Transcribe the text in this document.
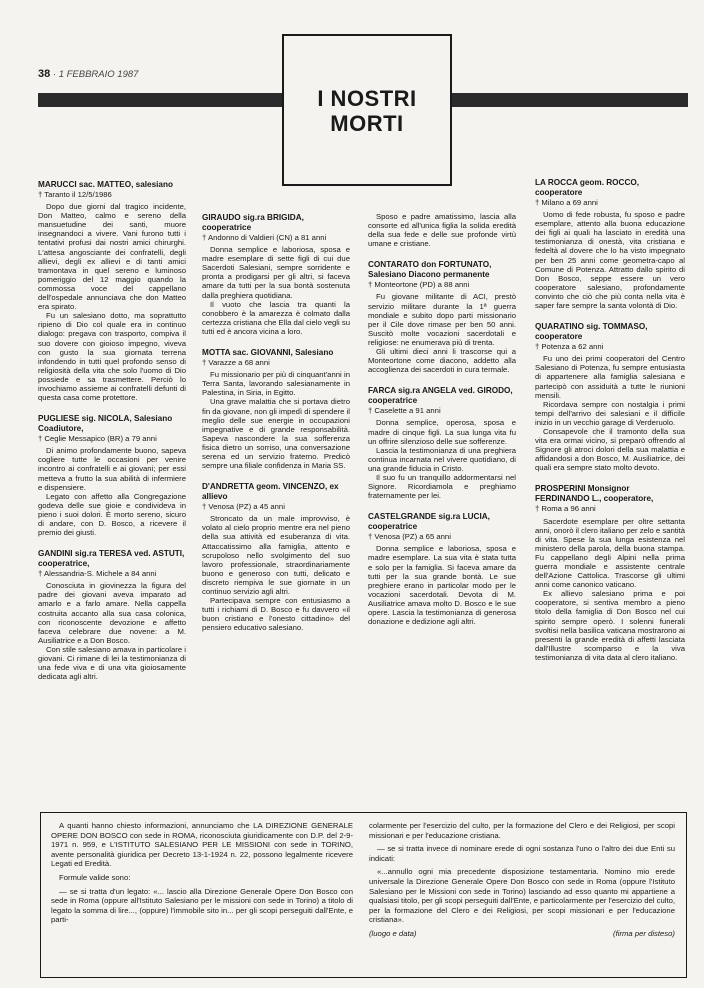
38 · 1 FEBBRAIO 1987
I NOSTRI
MORTI
MARUCCI sac. MATTEO, salesiano
† Taranto il 12/5/1986

Dopo due giorni dal tragico incidente, Don Matteo, calmo e sereno della mansuetudine dei santi, muore insegnandoci a vivere. Vani furono tutti i tentativi profusi dai nostri amici chirurghi. L'attesa angosciante dei confratelli, degli allievi, degli ex allievi e di tanti amici tramontava in quel sereno e luminoso pomeriggio del 12 maggio quando la commossa voce del cappellano dell'ospedale annunciava che don Matteo era spirato.

Fu un salesiano dotto, ma soprattutto ripieno di Dio col quale era in continuo dialogo: pregava con trasporto, compiva il suo dovere con gioioso impegno, viveva con gusto la sua giornata terrena infondendo in tutti quel profondo senso di religiosità della vita che solo l'uomo di Dio possiede e sa trasmettere. Perciò lo invochiamo assieme ai confratelli defunti di questa casa come protettore.

PUGLIESE sig. NICOLA, Salesiano Coadiutore,
† Ceglie Messapico (BR) a 79 anni

Di animo profondamente buono, sapeva cogliere tutte le occasioni per venire incontro ai confratelli e ai giovani; per essi metteva a frutto la sua abilità di infermiere e dispensiere.

Legato con affetto alla Congregazione godeva delle sue gioie e condivideva in pieno i suoi dolori. È morto sereno, sicuro di andare, con D. Bosco, a ricevere il premio dei giusti.

GANDINI sig.ra TERESA ved. ASTUTI, cooperatrice,
† Alessandria-S. Michele a 84 anni

Conosciuta in giovinezza la figura del padre dei giovani aveva imparato ad amarlo e a farlo amare. Nella cappella costruita accanto alla sua casa colonica, con riconoscente devozione e affetto faceva celebrare due novene: a M. Ausiliatrice e a Don Bosco.

Con stile salesiano amava in particolare i giovani. Ci rimane di lei la testimonianza di una fede viva e di una vita gioiosamente dedicata agli altri.

GIRAUDO sig.ra BRIGIDA, cooperatrice
† Andonno di Valdieri (CN) a 81 anni

Donna semplice e laboriosa, sposa e madre esemplare di sette figli di cui due Sacerdoti Salesiani, sempre sorridente e pronta a prodigarsi per gli altri, si faceva amare da tutti per la sua bontà sostenuta dalla preghiera quotidiana.

Il vuoto che lascia tra quanti la conobbero è la amarezza è colmato dalla certezza cristiana che Ella dal cielo vegli su tutti ed è ancora vicina a loro.

MOTTA sac. GIOVANNI, Salesiano
† Varazze a 68 anni

Fu missionario per più di cinquant'anni in Terra Santa, lavorando salesianamente in Palestina, in Siria, in Egitto.

Una grave malattia che si portava dietro fin da giovane, non gli impedì di spendere il meglio delle sue energie in occupazioni impegnative e di grande responsabilità. Sapeva nascondere la sua sofferenza fisica dietro un sorriso, una conversazione serena ed un servizio fraterno. Predicò sempre una filiale confidenza in Maria SS.

D'ANDRETTA geom. VINCENZO, ex allievo
† Venosa (PZ) a 45 anni

Stroncato da un male improvviso, è volato al cielo proprio mentre era nel pieno della sua attività ed esuberanza di vita. Attaccatissimo alla famiglia, attento e scrupoloso nello svolgimento del suo lavoro professionale, straordinariamente buono e generoso con tutti, delicato e discreto riempiva le sue giornate in un continuo servizio agli altri.

Partecipava sempre con entusiasmo a tutti i richiami di D. Bosco e fu davvero «il buon cristiano e l'onesto cittadino» del pensiero educativo salesiano.

Sposo e padre amatissimo, lascia alla consorte ed all'unica figlia la solida eredità della sua fede e delle sue profonde virtù umane e cristiane.

CONTARATO don FORTUNATO, Salesiano Diacono permanente
† Monteortone (PD) a 88 anni

Fu giovane militante di ACI, prestò servizio militare durante la 1ª guerra mondiale e subito dopo parti missionario per il Cile dove rimase per ben 50 anni. Suscitò molte vocazioni sacerdotali e religiose: ne enumerava più di trenta.

Gli ultimi dieci anni li trascorse qui a Monteortone come diacono, addetto alla accoglienza dei sacerdoti in cura termale.

FARCA sig.ra ANGELA ved. GIRODO, cooperatrice
† Caselette a 91 anni

Donna semplice, operosa, sposa e madre di cinque figli. La sua lunga vita fu un offrire silenzioso delle sue sofferenze.

Lascia la testimonianza di una preghiera continua incarnata nel vivere quotidiano, di una grande fiducia in Cristo.

Il suo fu un tranquillo addormentarsi nel Signore. Ricordiamola e preghiamo fraternamente per lei.

CASTELGRANDE sig.ra LUCIA, cooperatrice
† Venosa (PZ) a 65 anni

Donna semplice e laboriosa, sposa e madre esemplare. La sua vita è stata tutta e solo per la famiglia. Si faceva amare da tutti per la sua grande bontà. Le sue preghiere erano in particolar modo per le vocazioni sacerdotali. Devota di M. Ausiliatrice amava molto D. Bosco e le sue opere. Lascia la testimonianza di generosa donazione e dedizione agli altri.

LA ROCCA geom. ROCCO, cooperatore
† Milano a 69 anni

Uomo di fede robusta, fu sposo e padre esemplare, attento alla buona educazione dei figli ai quali ha lasciato in eredità una testimonianza di onestà, vita cristiana e fedeltà al dovere che lo ha visto impegnato per ben 25 anni come geometra-capo al Comune di Potenza. Attratto dallo spirito di Don Bosco, seppe essere un vero cooperatore salesiano, profondamente convinto che ciò che più conta nella vita è saper fare sempre la santa volontà di Dio.

QUARATINO sig. TOMMASO, cooperatore
† Potenza a 62 anni

Fu uno dei primi cooperatori del Centro Salesiano di Potenza, fu sempre entusiasta di appartenere alla famiglia salesiana e partecipò con assiduità a tutte le riunioni mensili.

Ricordava sempre con nostalgia i primi tempi dell'arrivo dei salesiani e il difficile inizio in un vecchio garage di Verderuolo.

Consapevole che il tramonto della sua vita era ormai vicino, si preparò offrendo al Signore gli atroci dolori della sua malattia e affidandosi a don Bosco, M. Ausiliatrice, dei quali era sempre stato molto devoto.

PROSPERINI Monsignor FERDINANDO L., cooperatore,
† Roma a 96 anni

Sacerdote esemplare per oltre settanta anni, onorò il clero italiano per zelo e santità di vita. Spese la sua lunga esistenza nel ministero della parola, della buona stampa. Fu cappellano degli Alpini nella prima guerra mondiale e assistente centrale dell'Azione Cattolica. Trascorse gli ultimi anni come canonico vaticano.

Ex allievo salesiano prima e poi cooperatore, si sentiva membro a pieno titolo della famiglia di Don Bosco nel cui spirito sempre operò. I solenni funerali svoltisi nella basilica vaticana mostrarono ai presenti la grande eredità di affetti lasciata dall'Illustre scomparso e la viva testimonianza di vita data al clero italiano.

A quanti hanno chiesto informazioni, annunciamo che LA DIREZIONE GENERALE OPERE DON BOSCO con sede in ROMA, riconosciuta giuridicamente con D.P. del 2-9-1971 n. 959, e L'ISTITUTO SALESIANO PER LE MISSIONI con sede in TORINO, avente personalità giuridica per Decreto 13-1-1924 n. 22, possono legalmente ricevere Legati ed Eredità.

Formule valide sono:

— se si tratta d'un legato: «... lascio alla Direzione Generale Opere Don Bosco con sede in Roma (oppure all'Istituto Salesiano per le missioni con sede in Torino) a titolo di legato la somma di lire..., (oppure) l'immobile sito in... per gli scopi perseguiti dall'Ente, e parti-

colarmente per l'esercizio del culto, per la formazione del Clero e dei Religiosi, per scopi missionari e per l'educazione cristiana.

— se si tratta invece di nominare erede di ogni sostanza l'uno o l'altro dei due Enti su indicati:

«...annullo ogni mia precedente disposizione testamentaria. Nomino mio erede universale la Direzione Generale Opere Don Bosco con sede in Roma (oppure l'Istituto Salesiano per le Missioni con sede in Torino) lasciando ad esso quanto mi appartiene a qualsiasi titolo, per gli scopi perseguiti dall'Ente, e particolarmente per l'esercizio del culto, per la formazione del Clero e dei Religiosi, per scopi missionari e per l'educazione cristiana».

(luogo e data)	(firma per disteso)
